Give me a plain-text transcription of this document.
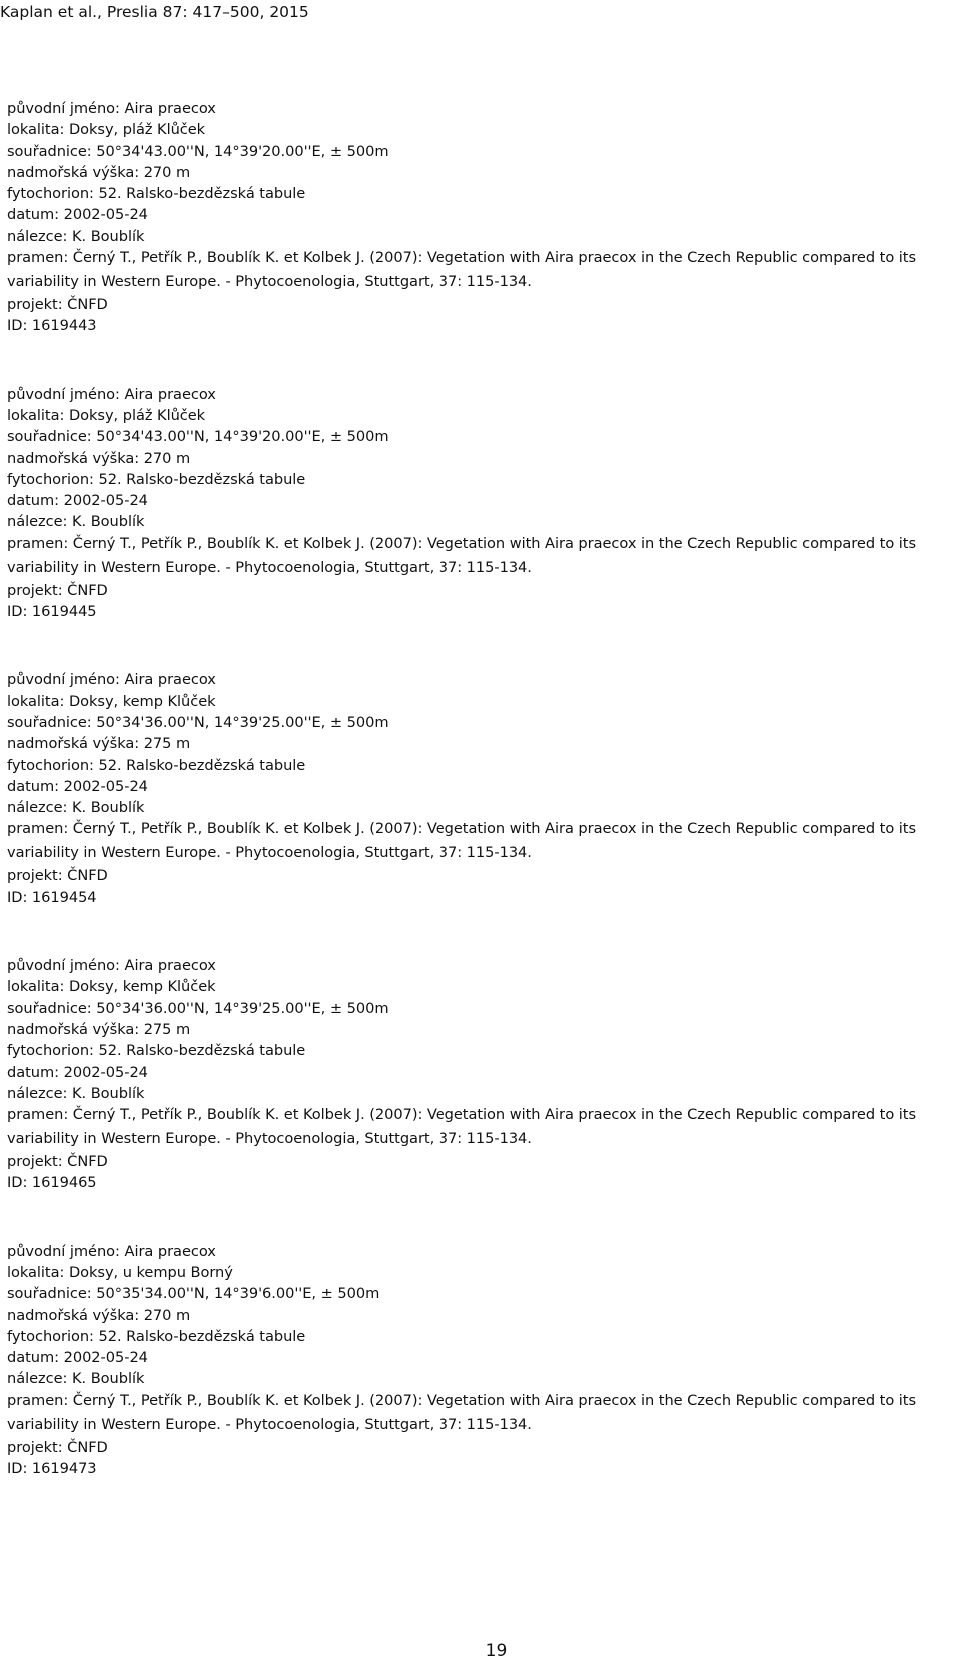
Kaplan et al., Preslia 87: 417–500, 2015
původní jméno: Aira praecox
lokalita: Doksy, pláž Klůček
souřadnice: 50°34'43.00''N, 14°39'20.00''E, ± 500m
nadmořská výška: 270 m
fytochorion: 52. Ralsko-bezdězská tabule
datum: 2002-05-24
nálezce: K. Boublík
pramen: Černý T., Petřík P., Boublík K. et Kolbek J. (2007): Vegetation with Aira praecox in the Czech Republic compared to its variability in Western Europe. - Phytocoenologia, Stuttgart, 37: 115-134.
projekt: ČNFD
ID: 1619443
původní jméno: Aira praecox
lokalita: Doksy, pláž Klůček
souřadnice: 50°34'43.00''N, 14°39'20.00''E, ± 500m
nadmořská výška: 270 m
fytochorion: 52. Ralsko-bezdězská tabule
datum: 2002-05-24
nálezce: K. Boublík
pramen: Černý T., Petřík P., Boublík K. et Kolbek J. (2007): Vegetation with Aira praecox in the Czech Republic compared to its variability in Western Europe. - Phytocoenologia, Stuttgart, 37: 115-134.
projekt: ČNFD
ID: 1619445
původní jméno: Aira praecox
lokalita: Doksy, kemp Klůček
souřadnice: 50°34'36.00''N, 14°39'25.00''E, ± 500m
nadmořská výška: 275 m
fytochorion: 52. Ralsko-bezdězská tabule
datum: 2002-05-24
nálezce: K. Boublík
pramen: Černý T., Petřík P., Boublík K. et Kolbek J. (2007): Vegetation with Aira praecox in the Czech Republic compared to its variability in Western Europe. - Phytocoenologia, Stuttgart, 37: 115-134.
projekt: ČNFD
ID: 1619454
původní jméno: Aira praecox
lokalita: Doksy, kemp Klůček
souřadnice: 50°34'36.00''N, 14°39'25.00''E, ± 500m
nadmořská výška: 275 m
fytochorion: 52. Ralsko-bezdězská tabule
datum: 2002-05-24
nálezce: K. Boublík
pramen: Černý T., Petřík P., Boublík K. et Kolbek J. (2007): Vegetation with Aira praecox in the Czech Republic compared to its variability in Western Europe. - Phytocoenologia, Stuttgart, 37: 115-134.
projekt: ČNFD
ID: 1619465
původní jméno: Aira praecox
lokalita: Doksy, u kempu Borný
souřadnice: 50°35'34.00''N, 14°39'6.00''E, ± 500m
nadmořská výška: 270 m
fytochorion: 52. Ralsko-bezdězská tabule
datum: 2002-05-24
nálezce: K. Boublík
pramen: Černý T., Petřík P., Boublík K. et Kolbek J. (2007): Vegetation with Aira praecox in the Czech Republic compared to its variability in Western Europe. - Phytocoenologia, Stuttgart, 37: 115-134.
projekt: ČNFD
ID: 1619473
19
